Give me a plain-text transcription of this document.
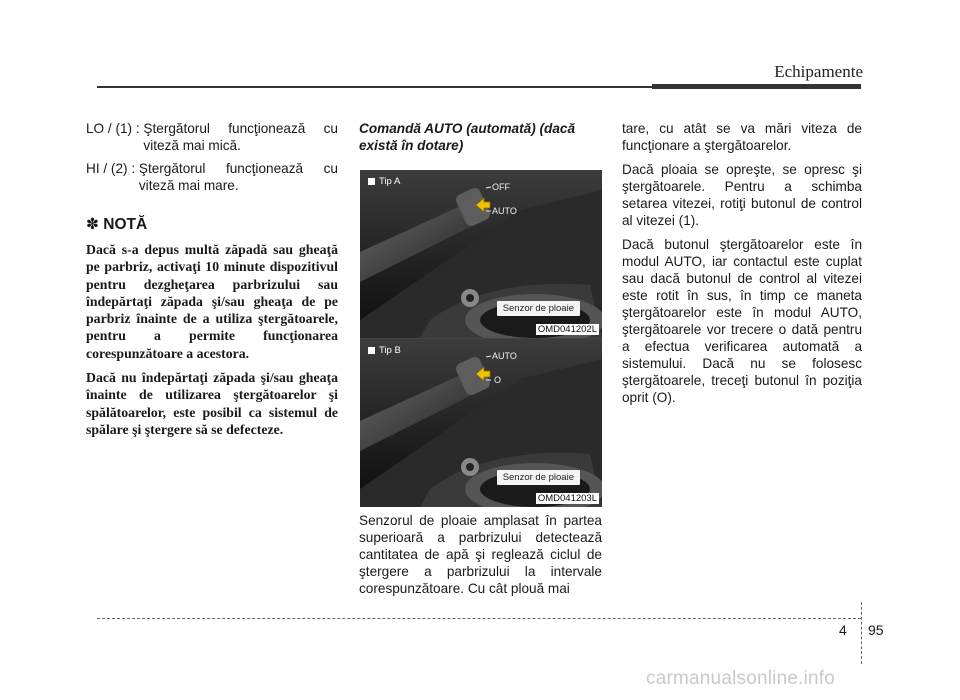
Echipamente
LO / (1) : Ştergătorul funcţionează cu viteză mai mică.
HI / (2) : Ştergătorul funcţionează cu viteză mai mare.
✽ NOTĂ

Dacă s-a depus multă zăpadă sau gheaţă pe parbriz, activaţi 10 minute dispozitivul pentru dezgheţarea parbrizului sau îndepărtaţi zăpada şi/sau gheaţa de pe parbriz înainte de a utiliza ştergătoarele, pentru a permite funcţionarea corespunzătoare a acestora.

Dacă nu îndepărtaţi zăpada şi/sau gheaţa înainte de utilizarea ştergătoarelor şi spălătoarelor, este posibil ca sistemul de spălare şi ştergere să se defecteze.

Comandă AUTO (automată) (dacă există în dotare)
OFF
AUTO
Tip A
Senzor de ploaie
OMD041202L
AUTO
O
Tip B
Senzor de ploaie
OMD041203L

Senzorul de ploaie amplasat în partea superioară a parbrizului detectează cantitatea de apă şi reglează ciclul de ştergere a parbrizului la intervale corespunzătoare. Cu cât plouă mai

tare, cu atât se va mări viteza de funcţionare a ştergătoarelor.

Dacă ploaia se opreşte, se opresc şi ştergătoarele. Pentru a schimba setarea vitezei, rotiţi butonul de control al vitezei (1).

Dacă butonul ştergătoarelor este în modul AUTO, iar contactul este cuplat sau dacă butonul de control al vitezei este rotit în sus, în timp ce maneta ştergătoarelor este în modul AUTO, ştergătoarele vor trecere o dată pentru a efectua verificarea automată a sistemului. Dacă nu se folosesc ştergătoarele, treceţi butonul în poziţia oprit (O).

4 95
carmanualsonline.info
